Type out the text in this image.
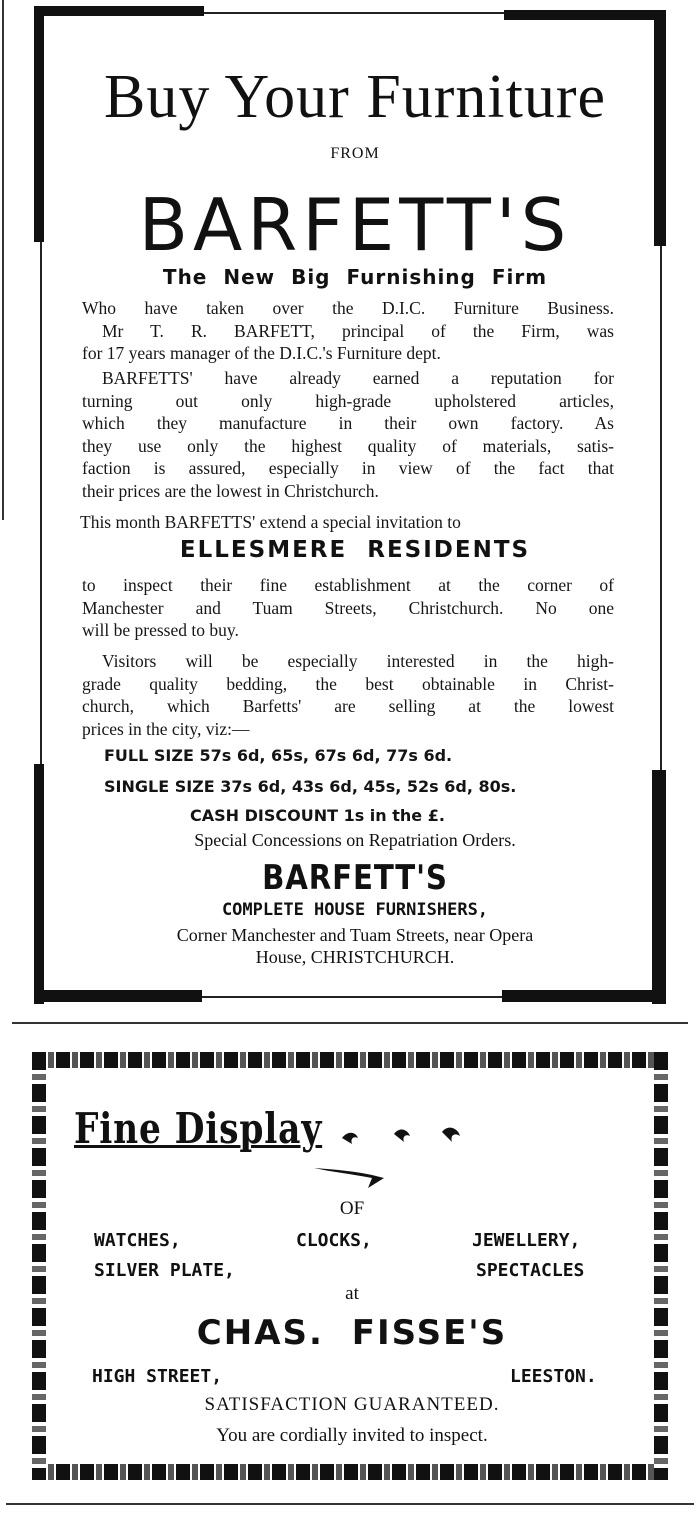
Buy Your Furniture
FROM
BARFETT'S
The New Big Furnishing Firm

Who have taken over the D.I.C. Furniture Business.

Mr T. R. BARFETT, principal of the Firm, was

for 17 years manager of the D.I.C.'s Furniture dept.

BARFETTS' have already earned a reputation for

turning out only high-grade upholstered articles,

which they manufacture in their own factory. As

they use only the highest quality of materials, satis-

faction is assured, especially in view of the fact that

their prices are the lowest in Christchurch.

This month BARFETTS' extend a special invitation to

ELLESMERE RESIDENTS

to inspect their fine establishment at the corner of

Manchester and Tuam Streets, Christchurch. No one

will be pressed to buy.

Visitors will be especially interested in the high-

grade quality bedding, the best obtainable in Christ-

church, which Barfetts' are selling at the lowest

prices in the city, viz:—

FULL SIZE 57s 6d, 65s, 67s 6d, 77s 6d.
SINGLE SIZE 37s 6d, 43s 6d, 45s, 52s 6d, 80s.
CASH DISCOUNT 1s in the £.
Special Concessions on Repatriation Orders.
BARFETT'S
COMPLETE HOUSE FURNISHERS,
Corner Manchester and Tuam Streets, near Opera
House, CHRISTCHURCH.
Fine Display
OF
WATCHES,	CLOCKS,	JEWELLERY,
SILVER PLATE,	SPECTACLES
at
CHAS. FISSE'S
HIGH STREET,	LEESTON.
SATISFACTION GUARANTEED.
You are cordially invited to inspect.
